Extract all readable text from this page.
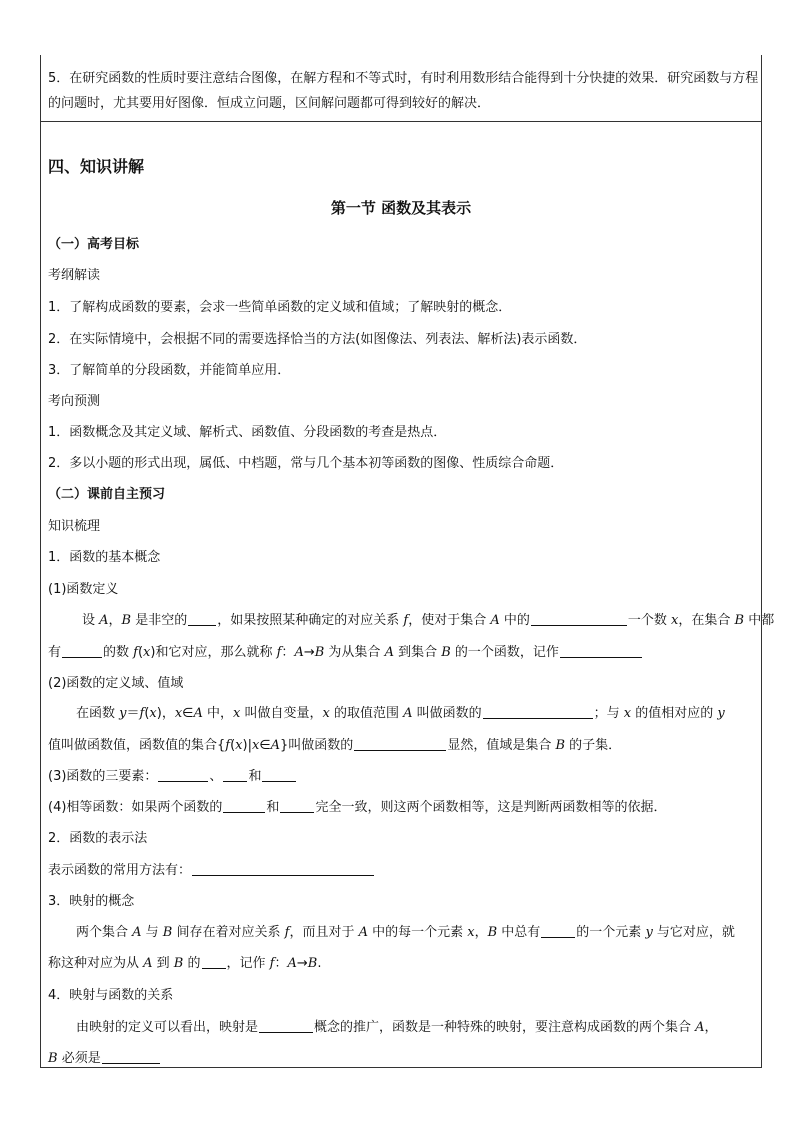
5．在研究函数的性质时要注意结合图像，在解方程和不等式时，有时利用数形结合能得到十分快捷的效果．研究函数与方程的问题时，尤其要用好图像．恒成立问题，区间解问题都可得到较好的解决．
四、知识讲解
第一节 函数及其表示
（一）高考目标
考纲解读
1．了解构成函数的要素，会求一些简单函数的定义域和值域；了解映射的概念．
2．在实际情境中，会根据不同的需要选择恰当的方法(如图像法、列表法、解析法)表示函数．
3．了解简单的分段函数，并能简单应用．
考向预测
1．函数概念及其定义域、解析式、函数值、分段函数的考查是热点．
2．多以小题的形式出现，属低、中档题，常与几个基本初等函数的图像、性质综合命题．
（二）课前自主预习
知识梳理
1．函数的基本概念
(1)函数定义
设 A，B 是非空的 ，如果按照某种确定的对应关系 f，使对于集合 A 中的	一个数 x，在集合 B 中都
有	的数 f(x)和它对应，那么就称 f：A→B 为从集合 A 到集合 B 的一个函数，记作
(2)函数的定义域、值域
在函数 y＝f(x)，x∈A 中，x 叫做自变量，x 的取值范围 A 叫做函数的	；与 x 的值相对应的 y
值叫做函数值，函数值的集合{f(x)|x∈A}叫做函数的	显然，值域是集合 B 的子集．
(3)函数的三要素：	、 和
(4)相等函数：如果两个函数的	和	完全一致，则这两个函数相等，这是判断两函数相等的依据．
2．函数的表示法
表示函数的常用方法有：
3．映射的概念
两个集合 A 与 B 间存在着对应关系 f，而且对于 A 中的每一个元素 x，B 中总有	的一个元素 y 与它对应，就
称这种对应为从 A 到 B 的 ，记作 f：A→B.
4．映射与函数的关系
由映射的定义可以看出，映射是	概念的推广，函数是一种特殊的映射，要注意构成函数的两个集合 A，
B 必须是
